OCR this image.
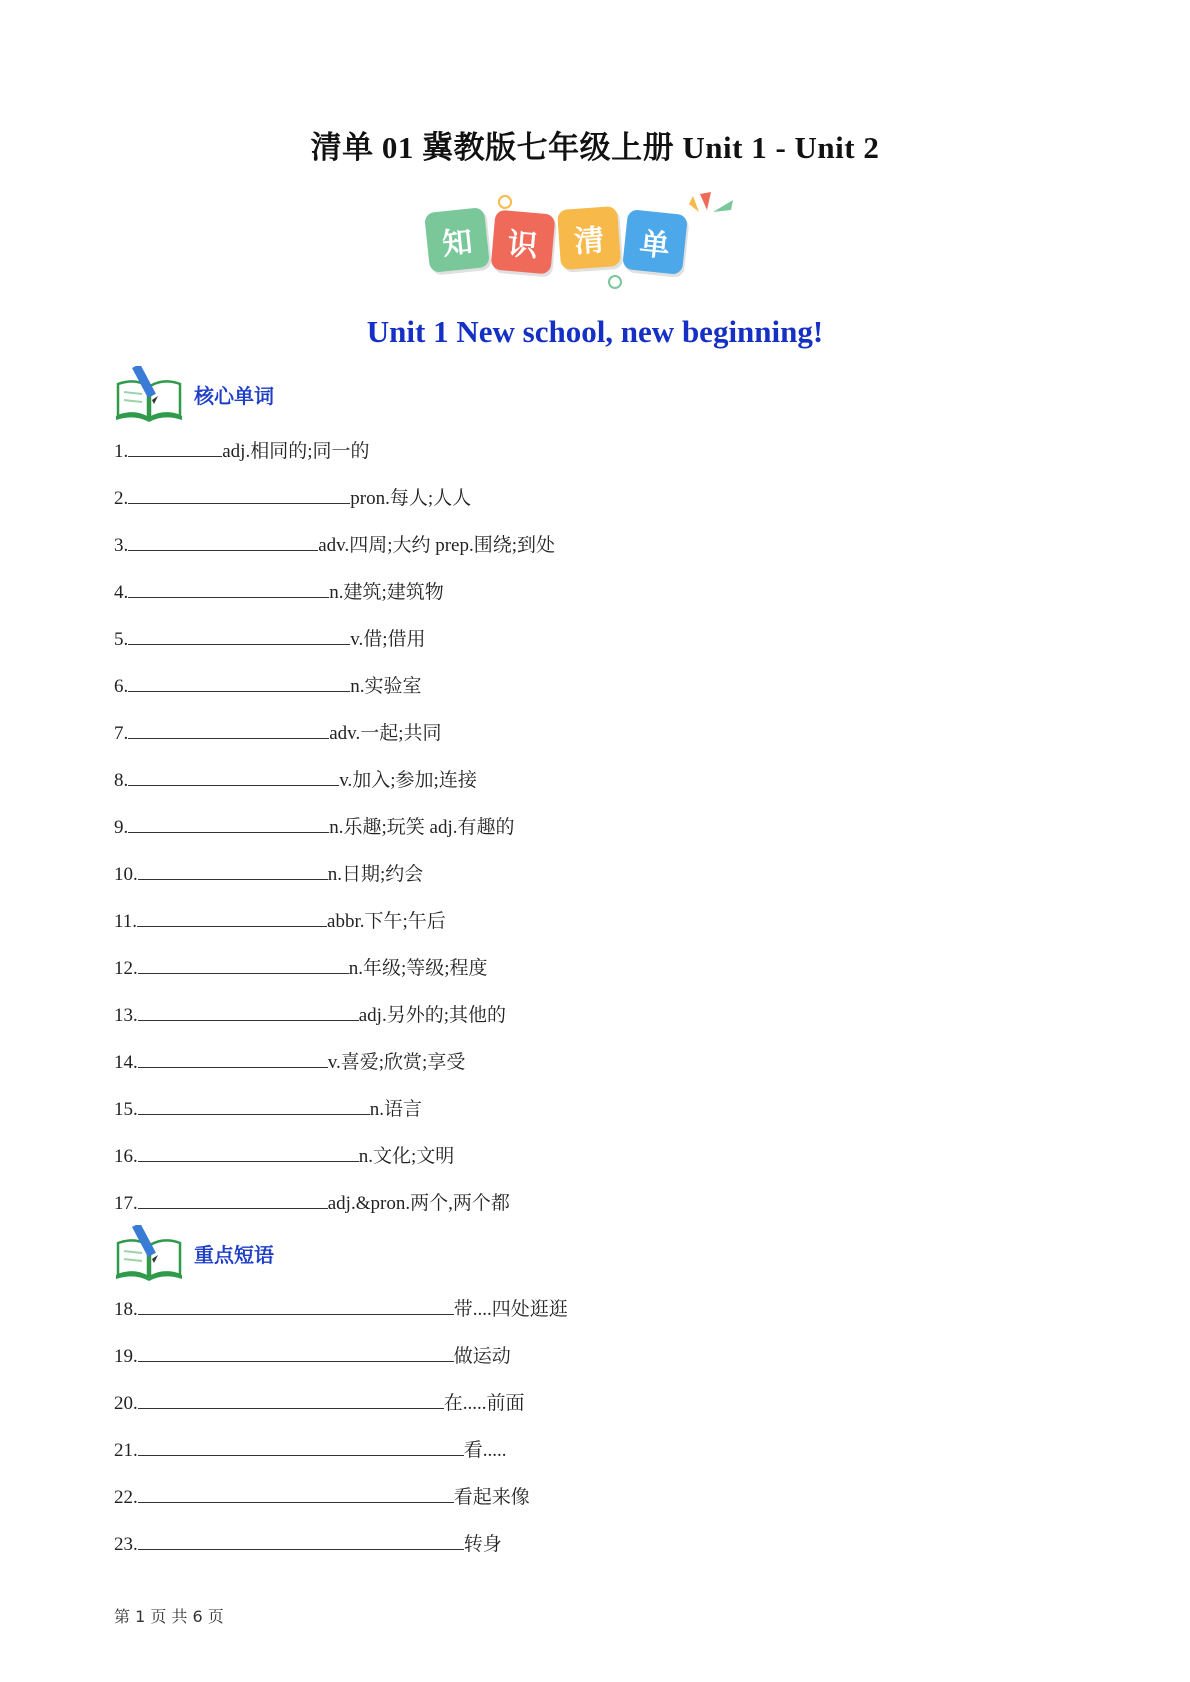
清单 01 冀教版七年级上册 Unit 1 - Unit 2
知	识	清	单
Unit 1 New school, new beginning!
核心单词
1.	adj.相同的;同一的
2.	pron.每人;人人
3.	adv.四周;大约 prep.围绕;到处
4.	n.建筑;建筑物
5.	v.借;借用
6.	n.实验室
7.	adv.一起;共同
8.	v.加入;参加;连接
9.	n.乐趣;玩笑 adj.有趣的
10.	n.日期;约会
11.	abbr.下午;午后
12.	n.年级;等级;程度
13.	adj.另外的;其他的
14.	v.喜爱;欣赏;享受
15.	n.语言
16.	n.文化;文明
17.	adj.&pron.两个,两个都
重点短语
18.	带....四处逛逛
19.	做运动
20.	在.....前面
21.	看.....
22.	看起来像
23.	转身
第 1 页 共 6 页
